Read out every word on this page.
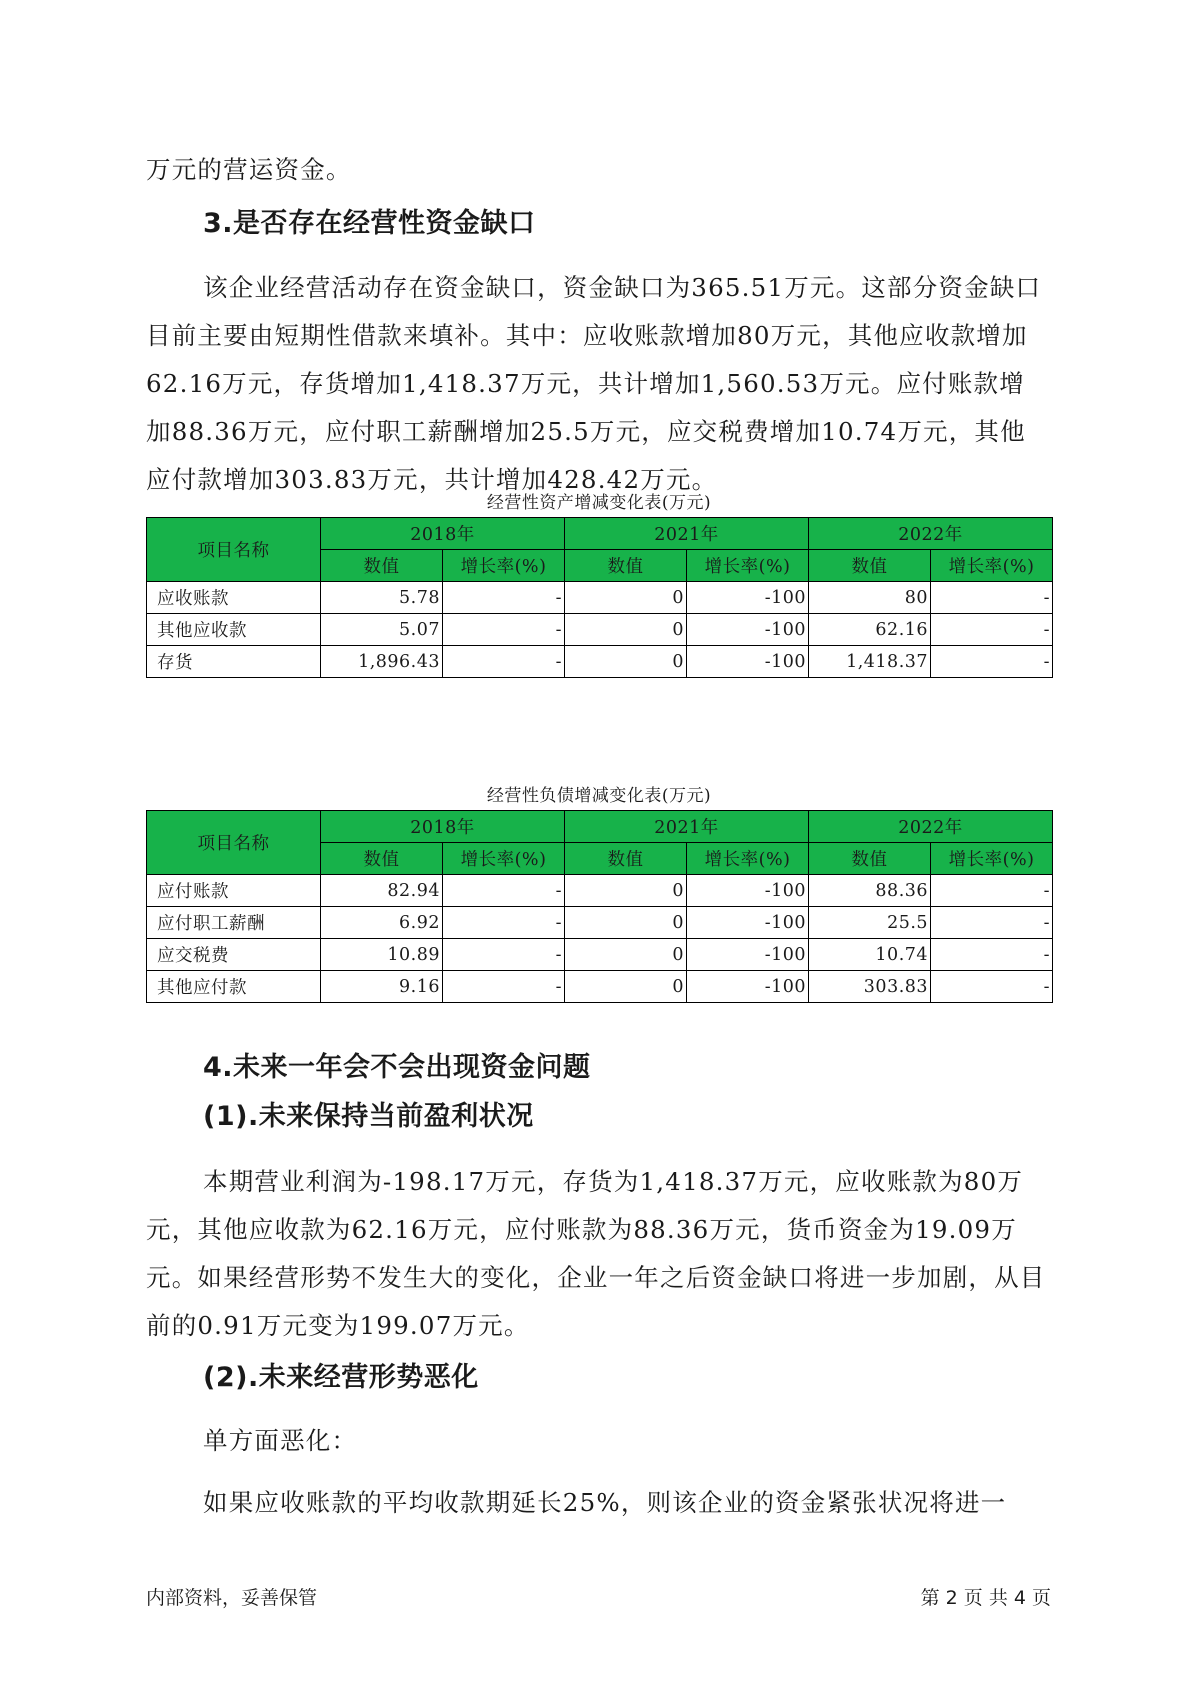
万元的营运资金。

3.是否存在经营性资金缺口

该企业经营活动存在资金缺口，资金缺口为365.51万元。这部分资金缺口目前主要由短期性借款来填补。其中：应收账款增加80万元，其他应收款增加62.16万元，存货增加1,418.37万元，共计增加1,560.53万元。应付账款增加88.36万元，应付职工薪酬增加25.5万元，应交税费增加10.74万元，其他应付款增加303.83万元，共计增加428.42万元。

经营性资产增减变化表(万元)
项目名称	2018年		2021年		2022年	
	数值	增长率(%)	数值	增长率(%)	数值	增长率(%)
应收账款	5.78	-	0	-100	80	-
其他应收款	5.07	-	0	-100	62.16	-
存货	1,896.43	-	0	-100	1,418.37	-
经营性负债增减变化表(万元)
项目名称	2018年		2021年		2022年	
	数值	增长率(%)	数值	增长率(%)	数值	增长率(%)
应付账款	82.94	-	0	-100	88.36	-
应付职工薪酬	6.92	-	0	-100	25.5	-
应交税费	10.89	-	0	-100	10.74	-
其他应付款	9.16	-	0	-100	303.83	-
4.未来一年会不会出现资金问题
(1).未来保持当前盈利状况

本期营业利润为-198.17万元，存货为1,418.37万元，应收账款为80万元，其他应收款为62.16万元，应付账款为88.36万元，货币资金为19.09万元。如果经营形势不发生大的变化，企业一年之后资金缺口将进一步加剧，从目前的0.91万元变为199.07万元。

(2).未来经营形势恶化

单方面恶化：

如果应收账款的平均收款期延长25%，则该企业的资金紧张状况将进一

内部资料，妥善保管	第 2 页 共 4 页
